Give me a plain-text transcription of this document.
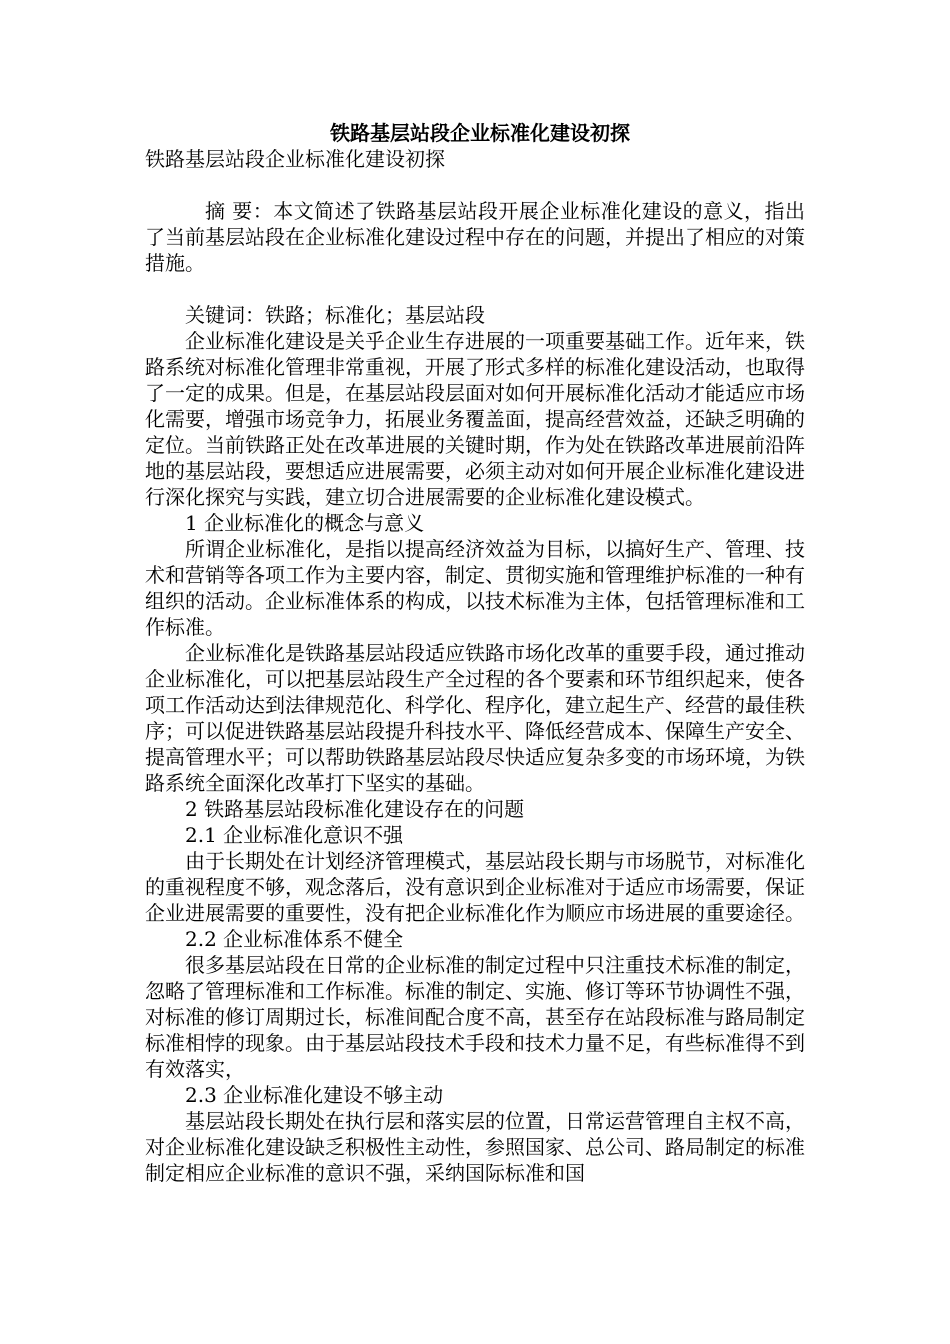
铁路基层站段企业标准化建设初探

铁路基层站段企业标准化建设初探

摘 要：本文简述了铁路基层站段开展企业标准化建设的意义，指出了当前基层站段在企业标准化建设过程中存在的问题，并提出了相应的对策措施。

关键词：铁路；标准化；基层站段

企业标准化建设是关乎企业生存进展的一项重要基础工作。近年来，铁路系统对标准化管理非常重视，开展了形式多样的标准化建设活动，也取得了一定的成果。但是，在基层站段层面对如何开展标准化活动才能适应市场化需要，增强市场竞争力，拓展业务覆盖面，提高经营效益，还缺乏明确的定位。当前铁路正处在改革进展的关键时期，作为处在铁路改革进展前沿阵地的基层站段，要想适应进展需要，必须主动对如何开展企业标准化建设进行深化探究与实践，建立切合进展需要的企业标准化建设模式。

1 企业标准化的概念与意义

所谓企业标准化，是指以提高经济效益为目标，以搞好生产、管理、技术和营销等各项工作为主要内容，制定、贯彻实施和管理维护标准的一种有组织的活动。企业标准体系的构成，以技术标准为主体，包括管理标准和工作标准。

企业标准化是铁路基层站段适应铁路市场化改革的重要手段，通过推动企业标准化，可以把基层站段生产全过程的各个要素和环节组织起来，使各项工作活动达到法律规范化、科学化、程序化，建立起生产、经营的最佳秩序；可以促进铁路基层站段提升科技水平、降低经营成本、保障生产安全、提高管理水平；可以帮助铁路基层站段尽快适应复杂多变的市场环境，为铁路系统全面深化改革打下坚实的基础。

2 铁路基层站段标准化建设存在的问题

2.1 企业标准化意识不强

由于长期处在计划经济管理模式，基层站段长期与市场脱节，对标准化的重视程度不够，观念落后，没有意识到企业标准对于适应市场需要，保证企业进展需要的重要性，没有把企业标准化作为顺应市场进展的重要途径。

2.2 企业标准体系不健全

很多基层站段在日常的企业标准的制定过程中只注重技术标准的制定，忽略了管理标准和工作标准。标准的制定、实施、修订等环节协调性不强，对标准的修订周期过长，标准间配合度不高，甚至存在站段标准与路局制定标准相悖的现象。由于基层站段技术手段和技术力量不足，有些标准得不到有效落实，

2.3 企业标准化建设不够主动

基层站段长期处在执行层和落实层的位置，日常运营管理自主权不高，对企业标准化建设缺乏积极性主动性，参照国家、总公司、路局制定的标准制定相应企业标准的意识不强，采纳国际标准和国
